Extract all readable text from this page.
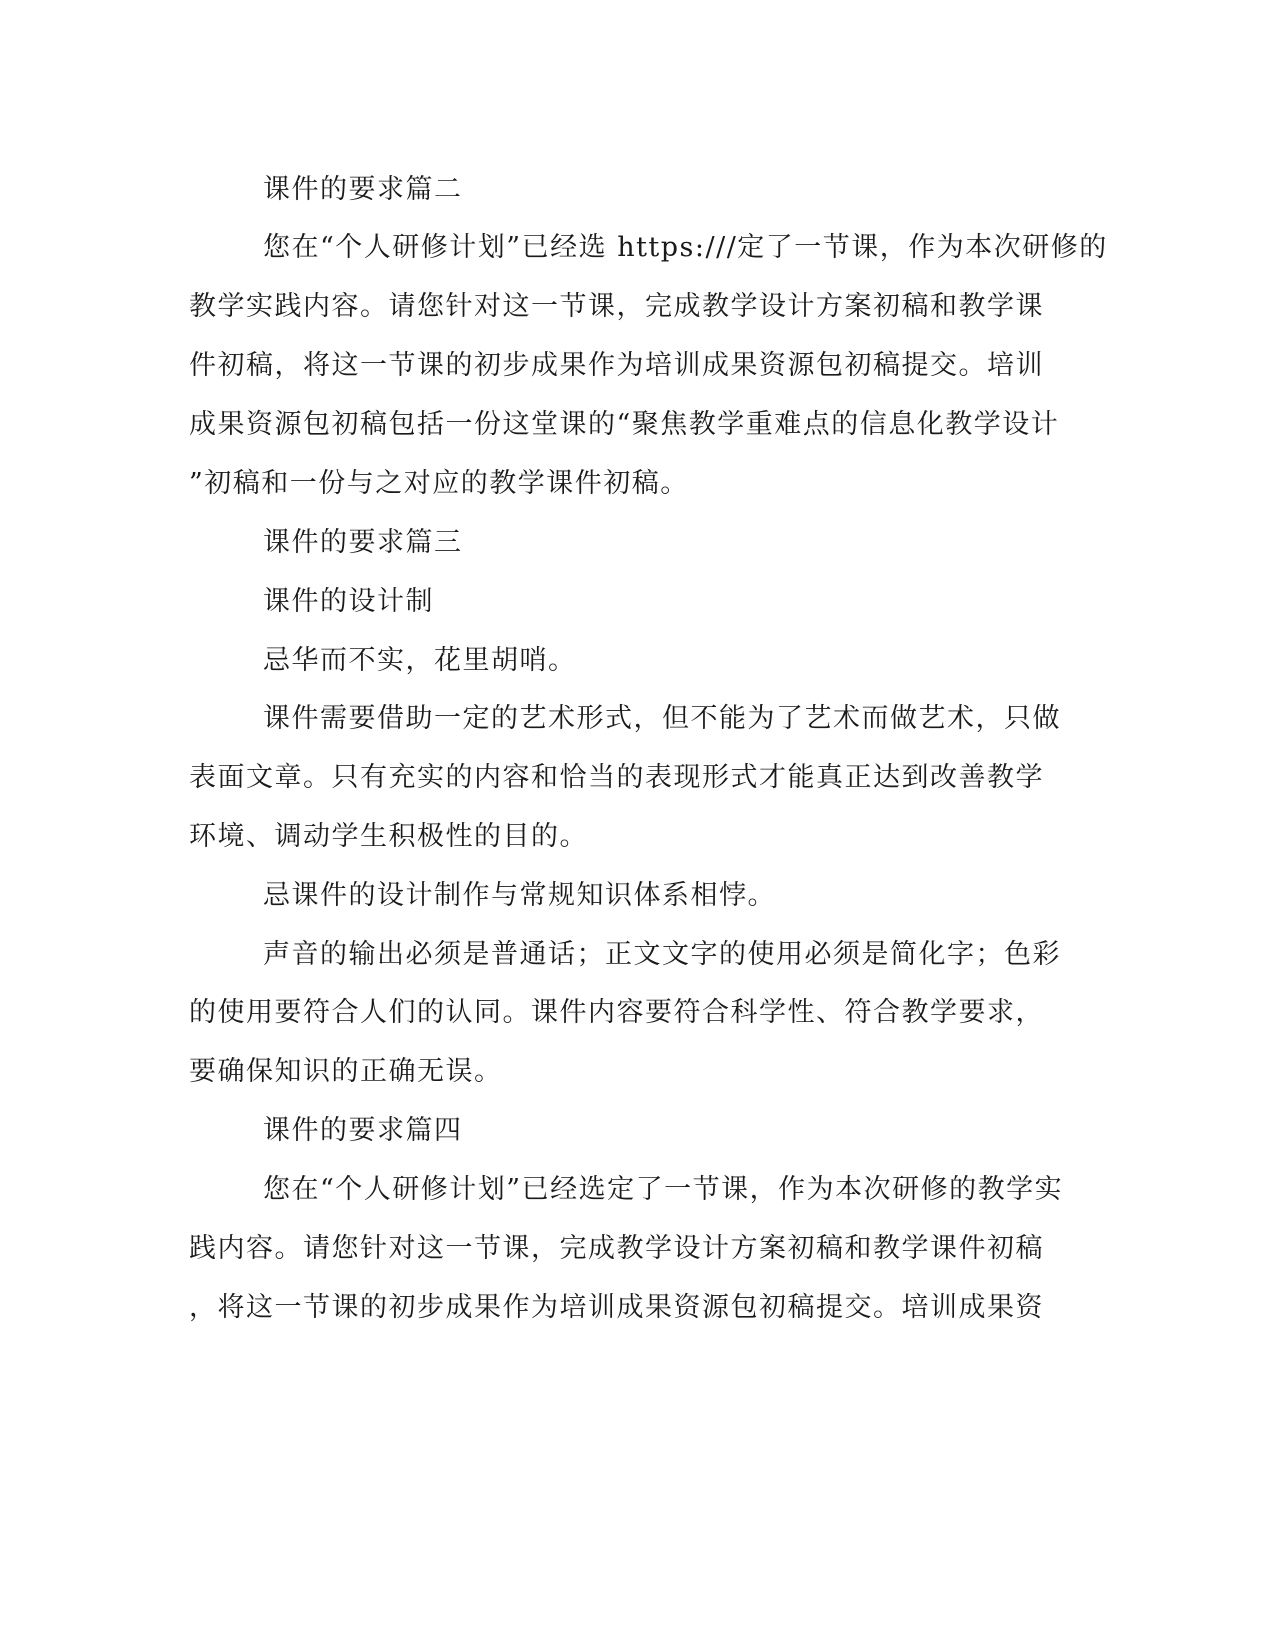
课件的要求篇二
您在“个人研修计划”已经选 https:///定了一节课，作为本次研修的
教学实践内容。请您针对这一节课，完成教学设计方案初稿和教学课
件初稿，将这一节课的初步成果作为培训成果资源包初稿提交。培训
成果资源包初稿包括一份这堂课的“聚焦教学重难点的信息化教学设计
”初稿和一份与之对应的教学课件初稿。
课件的要求篇三
课件的设计制
忌华而不实，花里胡哨。
课件需要借助一定的艺术形式，但不能为了艺术而做艺术，只做
表面文章。只有充实的内容和恰当的表现形式才能真正达到改善教学
环境、调动学生积极性的目的。
忌课件的设计制作与常规知识体系相悖。
声音的输出必须是普通话；正文文字的使用必须是简化字；色彩
的使用要符合人们的认同。课件内容要符合科学性、符合教学要求，
要确保知识的正确无误。
课件的要求篇四
您在“个人研修计划”已经选定了一节课，作为本次研修的教学实
践内容。请您针对这一节课，完成教学设计方案初稿和教学课件初稿
，将这一节课的初步成果作为培训成果资源包初稿提交。培训成果资
